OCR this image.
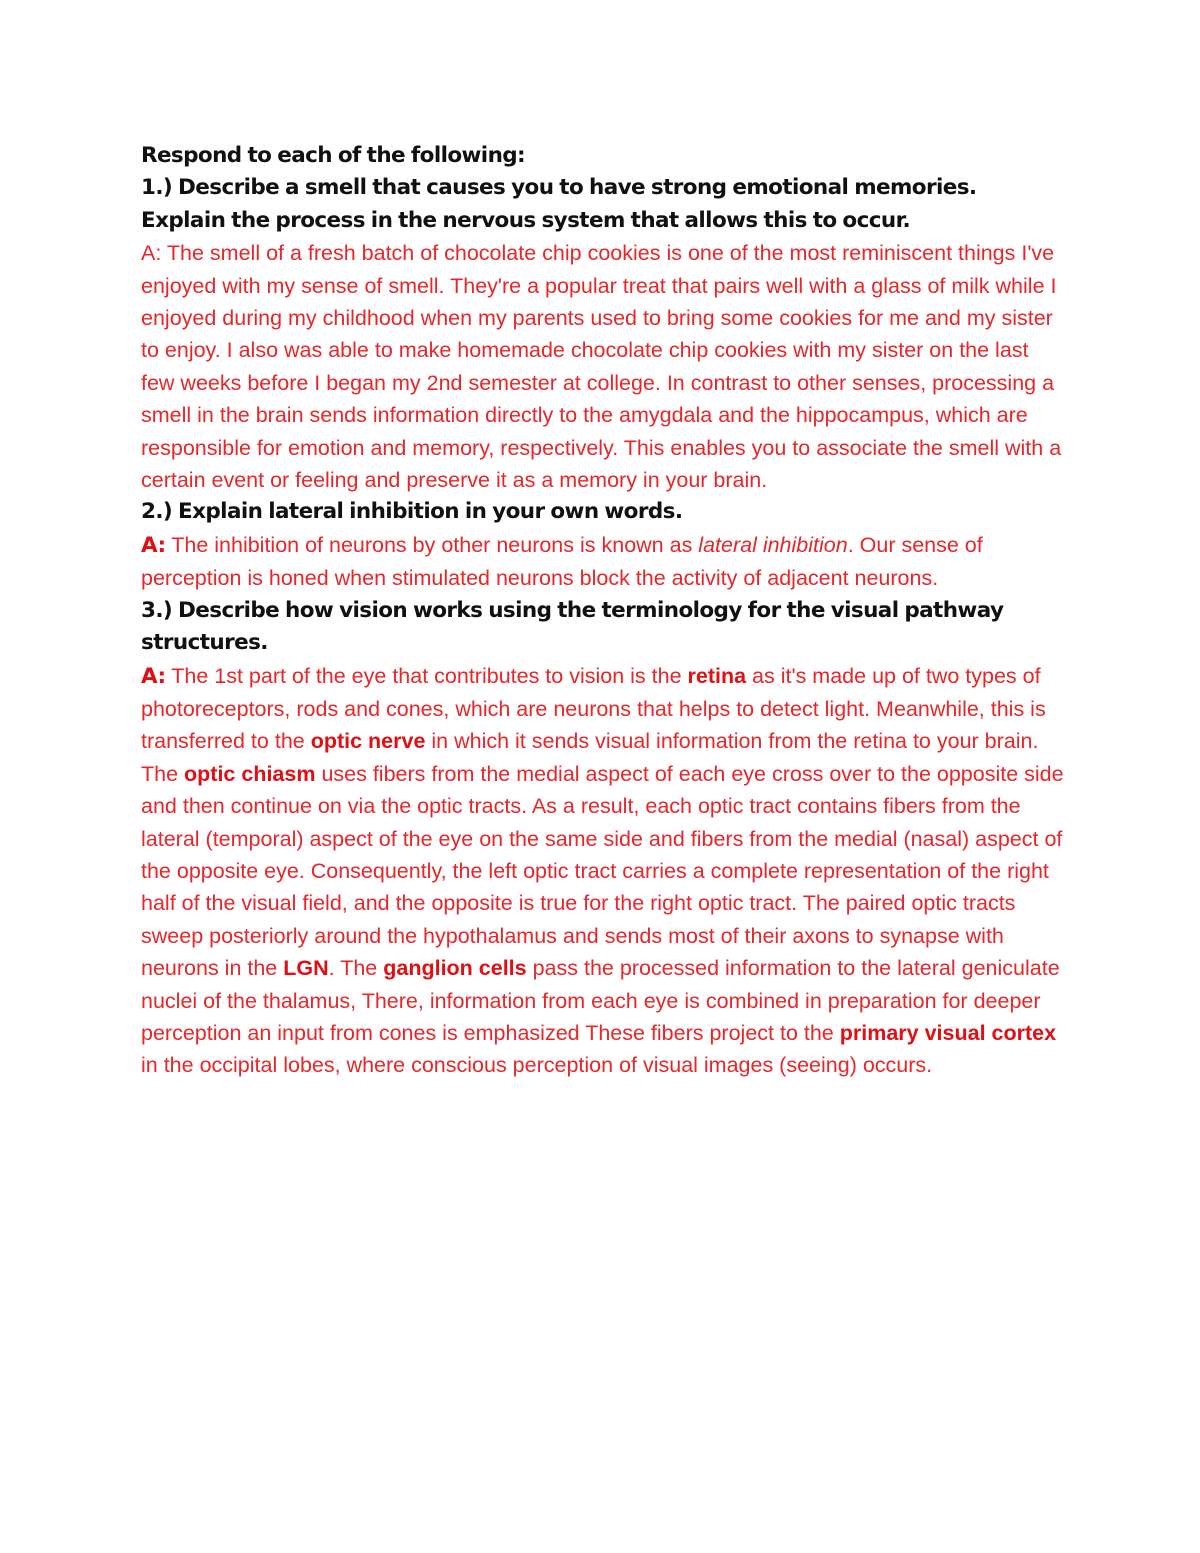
Respond to each of the following:

1.) Describe a smell that causes you to have strong emotional memories. Explain the process in the nervous system that allows this to occur.

A: The smell of a fresh batch of chocolate chip cookies is one of the most reminiscent things I've enjoyed with my sense of smell. They're a popular treat that pairs well with a glass of milk while I enjoyed during my childhood when my parents used to bring some cookies for me and my sister to enjoy. I also was able to make homemade chocolate chip cookies with my sister on the last few weeks before I began my 2nd semester at college. In contrast to other senses, processing a smell in the brain sends information directly to the amygdala and the hippocampus, which are responsible for emotion and memory, respectively. This enables you to associate the smell with a certain event or feeling and preserve it as a memory in your brain.

2.) Explain lateral inhibition in your own words.

A: The inhibition of neurons by other neurons is known as lateral inhibition. Our sense of perception is honed when stimulated neurons block the activity of adjacent neurons.

3.) Describe how vision works using the terminology for the visual pathway structures.

A: The 1st part of the eye that contributes to vision is the retina as it's made up of two types of photoreceptors, rods and cones, which are neurons that helps to detect light. Meanwhile, this is transferred to the optic nerve in which it sends visual information from the retina to your brain. The optic chiasm uses fibers from the medial aspect of each eye cross over to the opposite side and then continue on via the optic tracts. As a result, each optic tract contains fibers from the lateral (temporal) aspect of the eye on the same side and fibers from the medial (nasal) aspect of the opposite eye. Consequently, the left optic tract carries a complete representation of the right half of the visual field, and the opposite is true for the right optic tract. The paired optic tracts sweep posteriorly around the hypothalamus and sends most of their axons to synapse with neurons in the LGN. The ganglion cells pass the processed information to the lateral geniculate nuclei of the thalamus, There, information from each eye is combined in preparation for deeper perception an input from cones is emphasized These fibers project to the primary visual cortex in the occipital lobes, where conscious perception of visual images (seeing) occurs.
